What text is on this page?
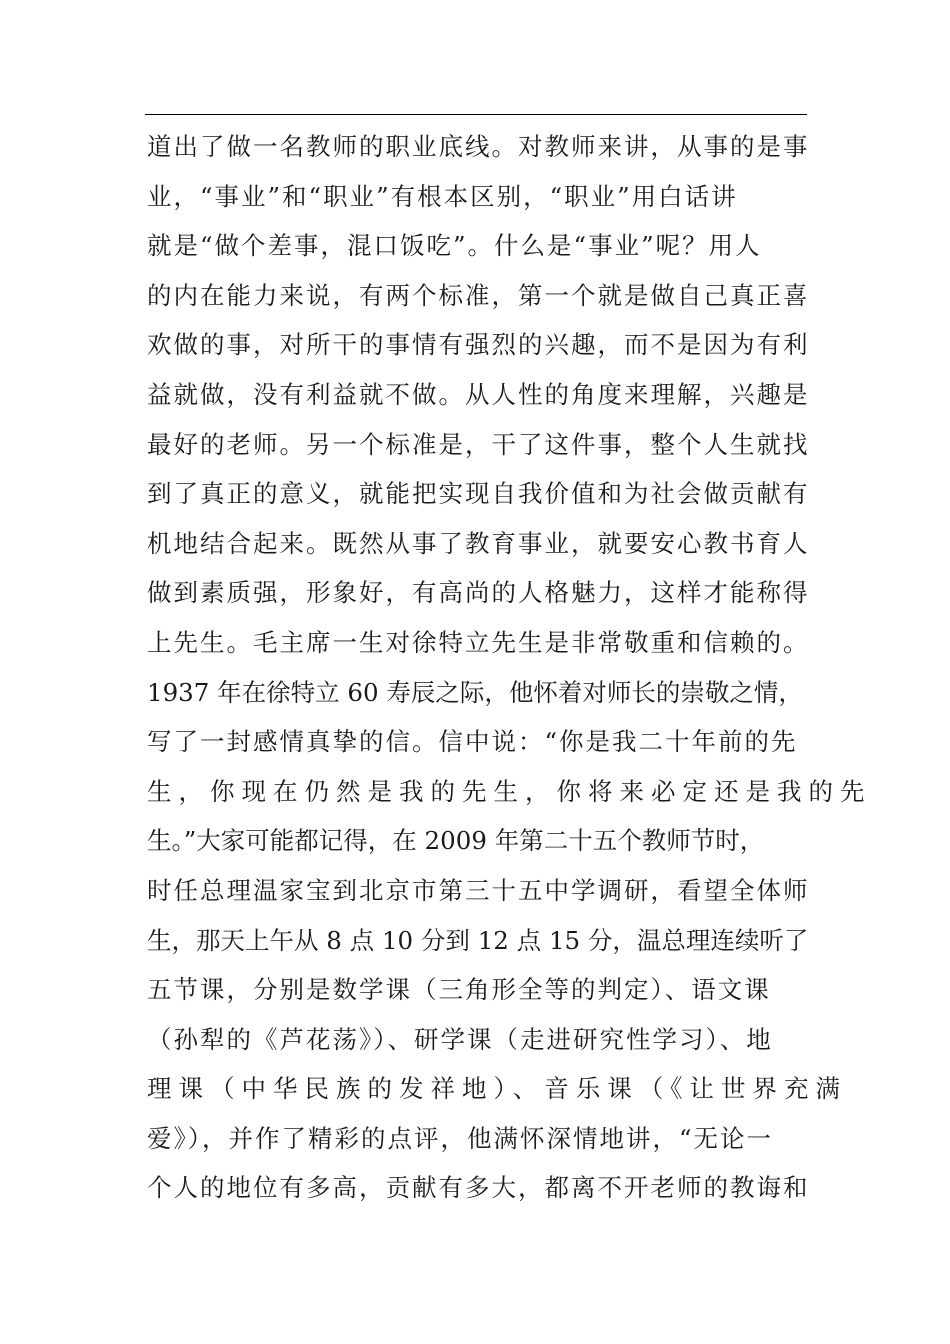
道出了做一名教师的职业底线。对教师来讲，从事的是事
业，“事业”和“职业”有根本区别，“职业”用白话讲
就是“做个差事，混口饭吃”。什么是“事业”呢？用人
的内在能力来说，有两个标准，第一个就是做自己真正喜
欢做的事，对所干的事情有强烈的兴趣，而不是因为有利
益就做，没有利益就不做。从人性的角度来理解，兴趣是
最好的老师。另一个标准是，干了这件事，整个人生就找
到了真正的意义，就能把实现自我价值和为社会做贡献有
机地结合起来。既然从事了教育事业，就要安心教书育人
做到素质强，形象好，有高尚的人格魅力，这样才能称得
上先生。毛主席一生对徐特立先生是非常敬重和信赖的。
1937 年在徐特立 60 寿辰之际，他怀着对师长的崇敬之情，
写了一封感情真挚的信。信中说：“你是我二十年前的先
生，你现在仍然是我的先生，你将来必定还是我的先
生。”大家可能都记得，在 2009 年第二十五个教师节时，
时任总理温家宝到北京市第三十五中学调研，看望全体师
生，那天上午从 8 点 10 分到 12 点 15 分，温总理连续听了
五节课，分别是数学课（三角形全等的判定）、语文课
（孙犁的《芦花荡》）、研学课（走进研究性学习）、地
理课（中华民族的发祥地）、音乐课（《让世界充满
爱》），并作了精彩的点评，他满怀深情地讲，“无论一
个人的地位有多高，贡献有多大，都离不开老师的教诲和
